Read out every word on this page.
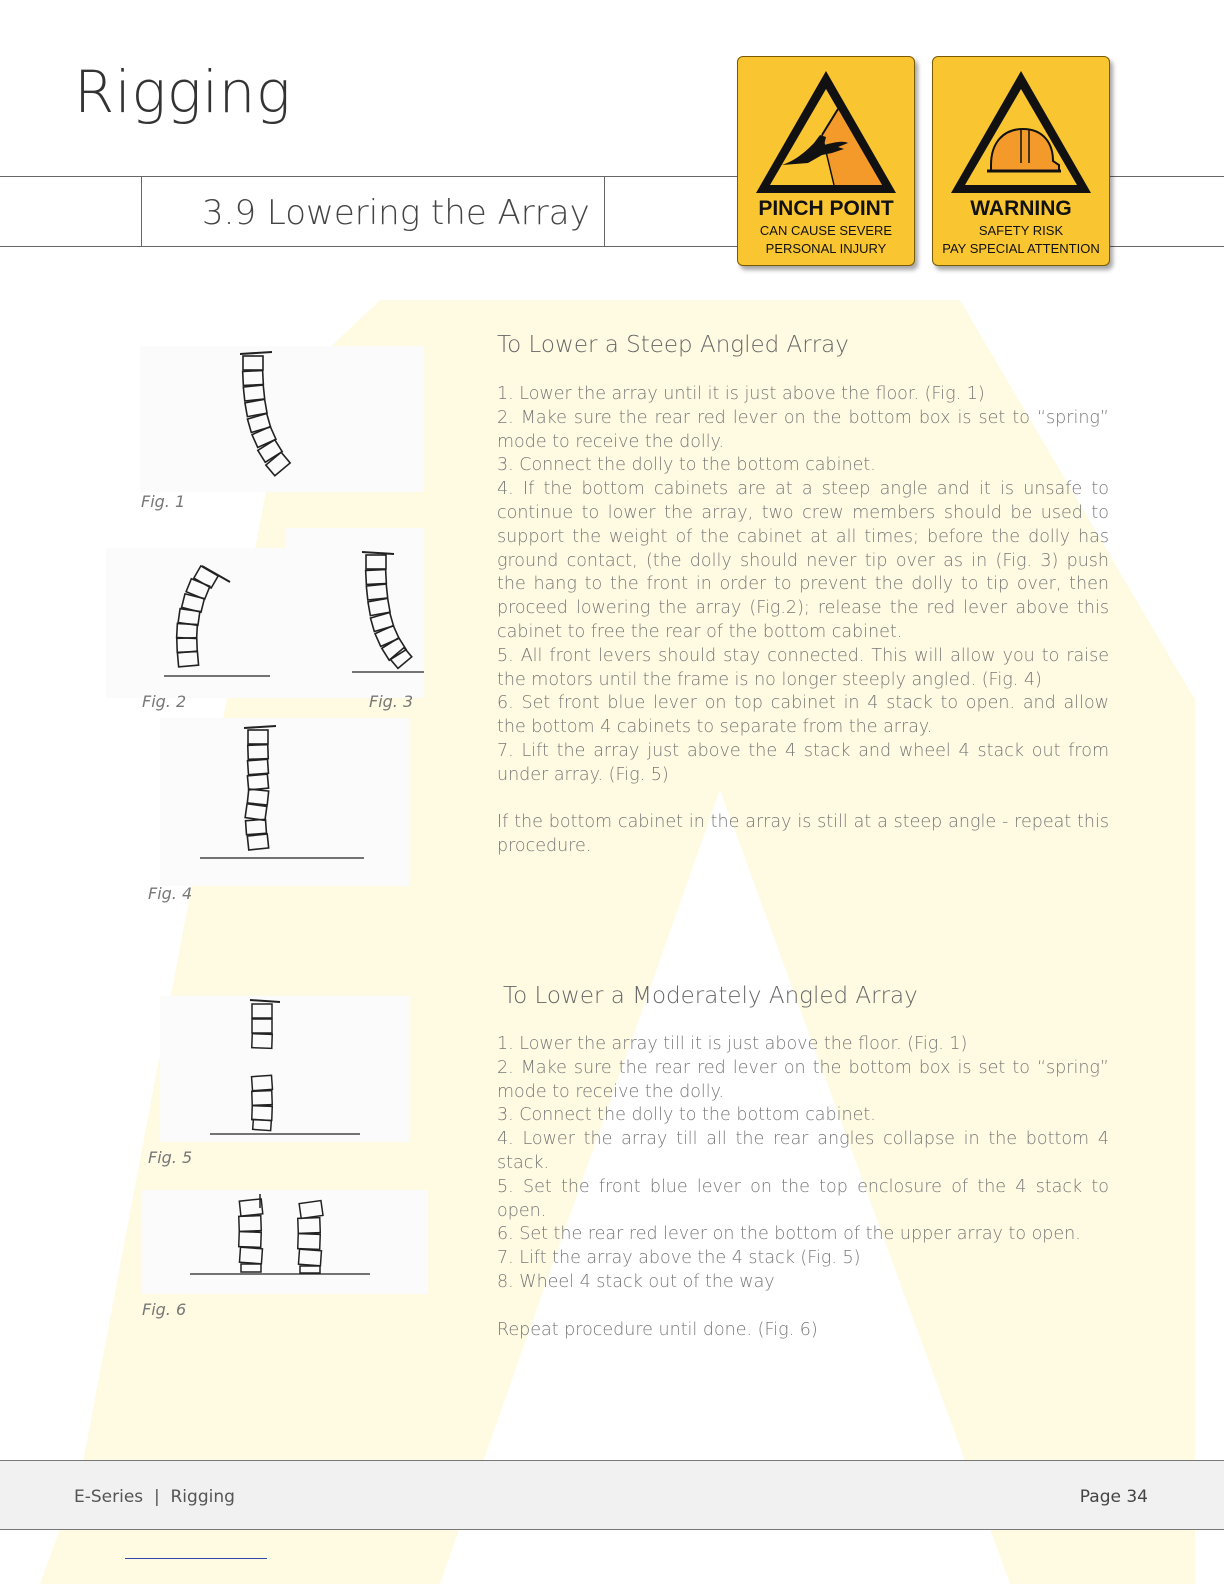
Rigging
3.9 Lowering the Array	PINCH POINT
CAN CAUSE SEVERE
PERSONAL INJURY
WARNING
SAFETY RISK
PAY SPECIAL ATTENTION
Fig. 1
Fig. 2	Fig. 3
Fig. 4
Fig. 5
Fig. 6
To Lower a Steep Angled Array

1. Lower the array until it is just above the floor. (Fig. 1)

2. Make sure the rear red lever on the bottom box is set to “spring” mode to receive the dolly.

3. Connect the dolly to the bottom cabinet.

4. If the bottom cabinets are at a steep angle and it is unsafe to continue to lower the array, two crew members should be used to support the weight of the cabinet at all times; before the dolly has ground contact, (the dolly should never tip over as in (Fig. 3) push the hang to the front in order to prevent the dolly to tip over, then proceed lowering the array (Fig.2); release the red lever above this cabinet to free the rear of the bottom cabinet.

5. All front levers should stay connected. This will allow you to raise the motors until the frame is no longer steeply angled. (Fig. 4)

6. Set front blue lever on top cabinet in 4 stack to open. and allow the bottom 4 cabinets to separate from the array.

7. Lift the array just above the 4 stack and wheel 4 stack out from under array. (Fig. 5)

If the bottom cabinet in the array is still at a steep angle - repeat this procedure.

To Lower a Moderately Angled Array

1. Lower the array till it is just above the floor. (Fig. 1)

2. Make sure the rear red lever on the bottom box is set to “spring” mode to receive the dolly.

3. Connect the dolly to the bottom cabinet.

4. Lower the array till all the rear angles collapse in the bottom 4 stack.

5. Set the front blue lever on the top enclosure of the 4 stack to open.

6. Set the rear red lever on the bottom of the upper array to open.

7. Lift the array above the 4 stack (Fig. 5)

8. Wheel 4 stack out of the way

Repeat procedure until done. (Fig. 6)

E-Series  |  Rigging	Page 34
